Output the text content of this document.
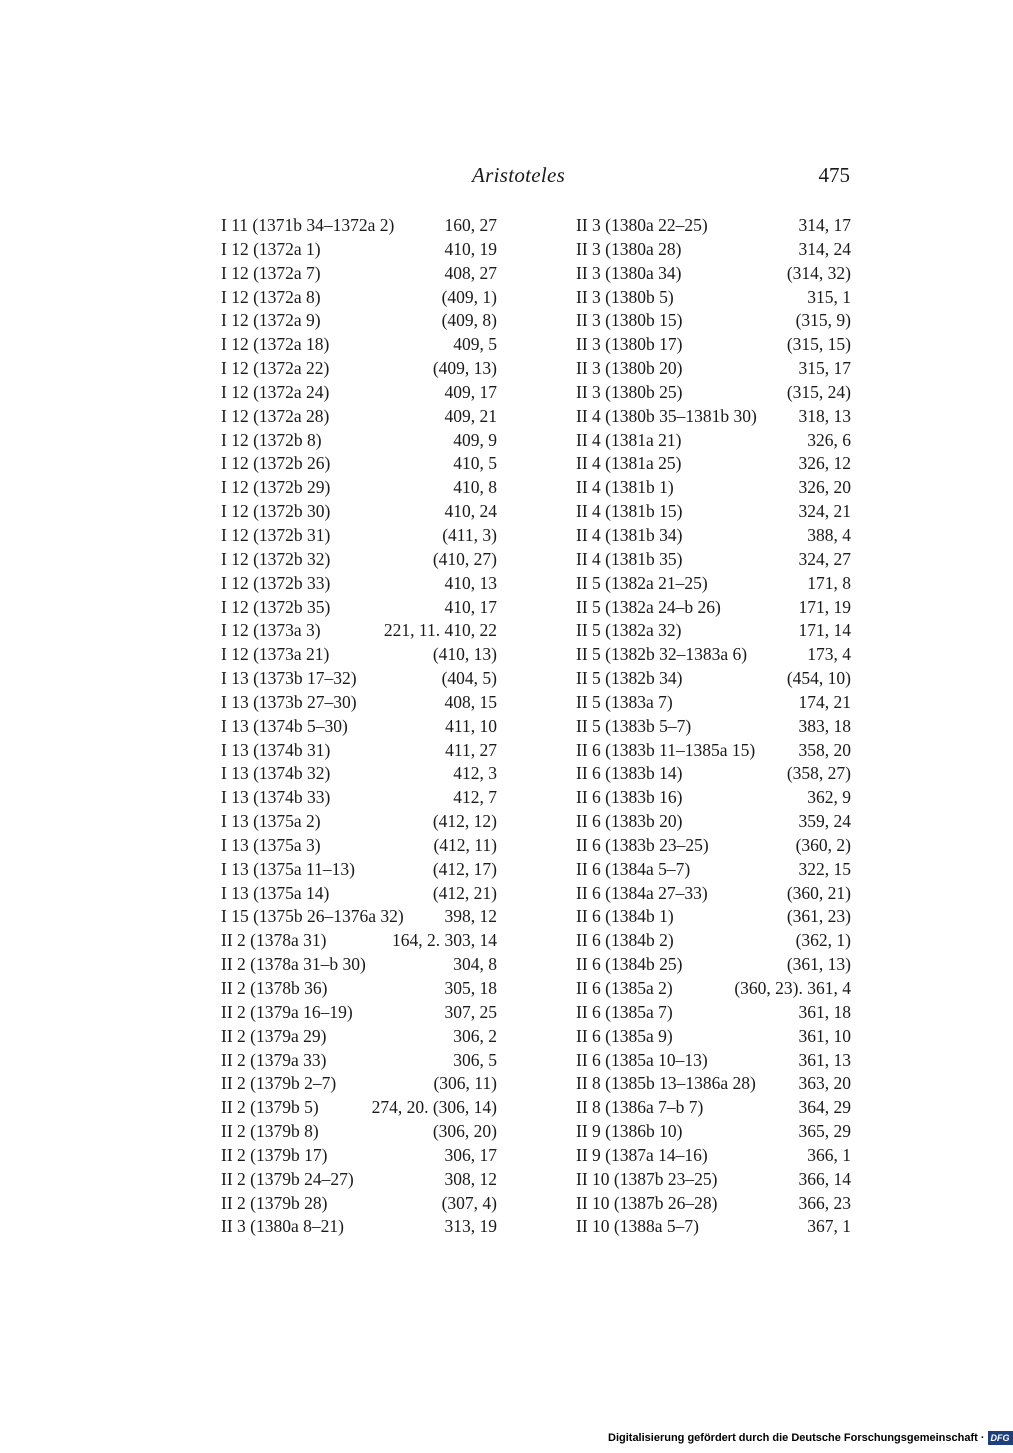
Aristoteles	475
I 11 (1371b 34–1372a 2)	160, 27
I 12 (1372a 1)	410, 19
I 12 (1372a 7)	408, 27
I 12 (1372a 8)	(409, 1)
I 12 (1372a 9)	(409, 8)
I 12 (1372a 18)	409, 5
I 12 (1372a 22)	(409, 13)
I 12 (1372a 24)	409, 17
I 12 (1372a 28)	409, 21
I 12 (1372b 8)	409, 9
I 12 (1372b 26)	410, 5
I 12 (1372b 29)	410, 8
I 12 (1372b 30)	410, 24
I 12 (1372b 31)	(411, 3)
I 12 (1372b 32)	(410, 27)
I 12 (1372b 33)	410, 13
I 12 (1372b 35)	410, 17
I 12 (1373a 3)	221, 11. 410, 22
I 12 (1373a 21)	(410, 13)
I 13 (1373b 17–32)	(404, 5)
I 13 (1373b 27–30)	408, 15
I 13 (1374b 5–30)	411, 10
I 13 (1374b 31)	411, 27
I 13 (1374b 32)	412, 3
I 13 (1374b 33)	412, 7
I 13 (1375a 2)	(412, 12)
I 13 (1375a 3)	(412, 11)
I 13 (1375a 11–13)	(412, 17)
I 13 (1375a 14)	(412, 21)
I 15 (1375b 26–1376a 32) 398, 12
II 2 (1378a 31)	164, 2. 303, 14
II 2 (1378a 31–b 30)	304, 8
II 2 (1378b 36)	305, 18
II 2 (1379a 16–19)	307, 25
II 2 (1379a 29)	306, 2
II 2 (1379a 33)	306, 5
II 2 (1379b 2–7)	(306, 11)
II 2 (1379b 5)	274, 20. (306, 14)
II 2 (1379b 8)	(306, 20)
II 2 (1379b 17)	306, 17
II 2 (1379b 24–27)	308, 12
II 2 (1379b 28)	(307, 4)
II 3 (1380a 8–21)	313, 19
II 3 (1380a 22–25)	314, 17
II 3 (1380a 28)	314, 24
II 3 (1380a 34)	(314, 32)
II 3 (1380b 5)	315, 1
II 3 (1380b 15)	(315, 9)
II 3 (1380b 17)	(315, 15)
II 3 (1380b 20)	315, 17
II 3 (1380b 25)	(315, 24)
II 4 (1380b 35–1381b 30) 318, 13
II 4 (1381a 21)	326, 6
II 4 (1381a 25)	326, 12
II 4 (1381b 1)	326, 20
II 4 (1381b 15)	324, 21
II 4 (1381b 34)	388, 4
II 4 (1381b 35)	324, 27
II 5 (1382a 21–25)	171, 8
II 5 (1382a 24–b 26)	171, 19
II 5 (1382a 32)	171, 14
II 5 (1382b 32–1383a 6)	173, 4
II 5 (1382b 34)	(454, 10)
II 5 (1383a 7)	174, 21
II 5 (1383b 5–7)	383, 18
II 6 (1383b 11–1385a 15) 358, 20
II 6 (1383b 14)	(358, 27)
II 6 (1383b 16)	362, 9
II 6 (1383b 20)	359, 24
II 6 (1383b 23–25)	(360, 2)
II 6 (1384a 5–7)	322, 15
II 6 (1384a 27–33)	(360, 21)
II 6 (1384b 1)	(361, 23)
II 6 (1384b 2)	(362, 1)
II 6 (1384b 25)	(361, 13)
II 6 (1385a 2)	(360, 23). 361, 4
II 6 (1385a 7)	361, 18
II 6 (1385a 9)	361, 10
II 6 (1385a 10–13)	361, 13
II 8 (1385b 13–1386a 28) 363, 20
II 8 (1386a 7–b 7)	364, 29
II 9 (1386b 10)	365, 29
II 9 (1387a 14–16)	366, 1
II 10 (1387b 23–25)	366, 14
II 10 (1387b 26–28)	366, 23
II 10 (1388a 5–7)	367, 1
Digitalisierung gefördert durch die Deutsche Forschungsgemeinschaft · DFG
